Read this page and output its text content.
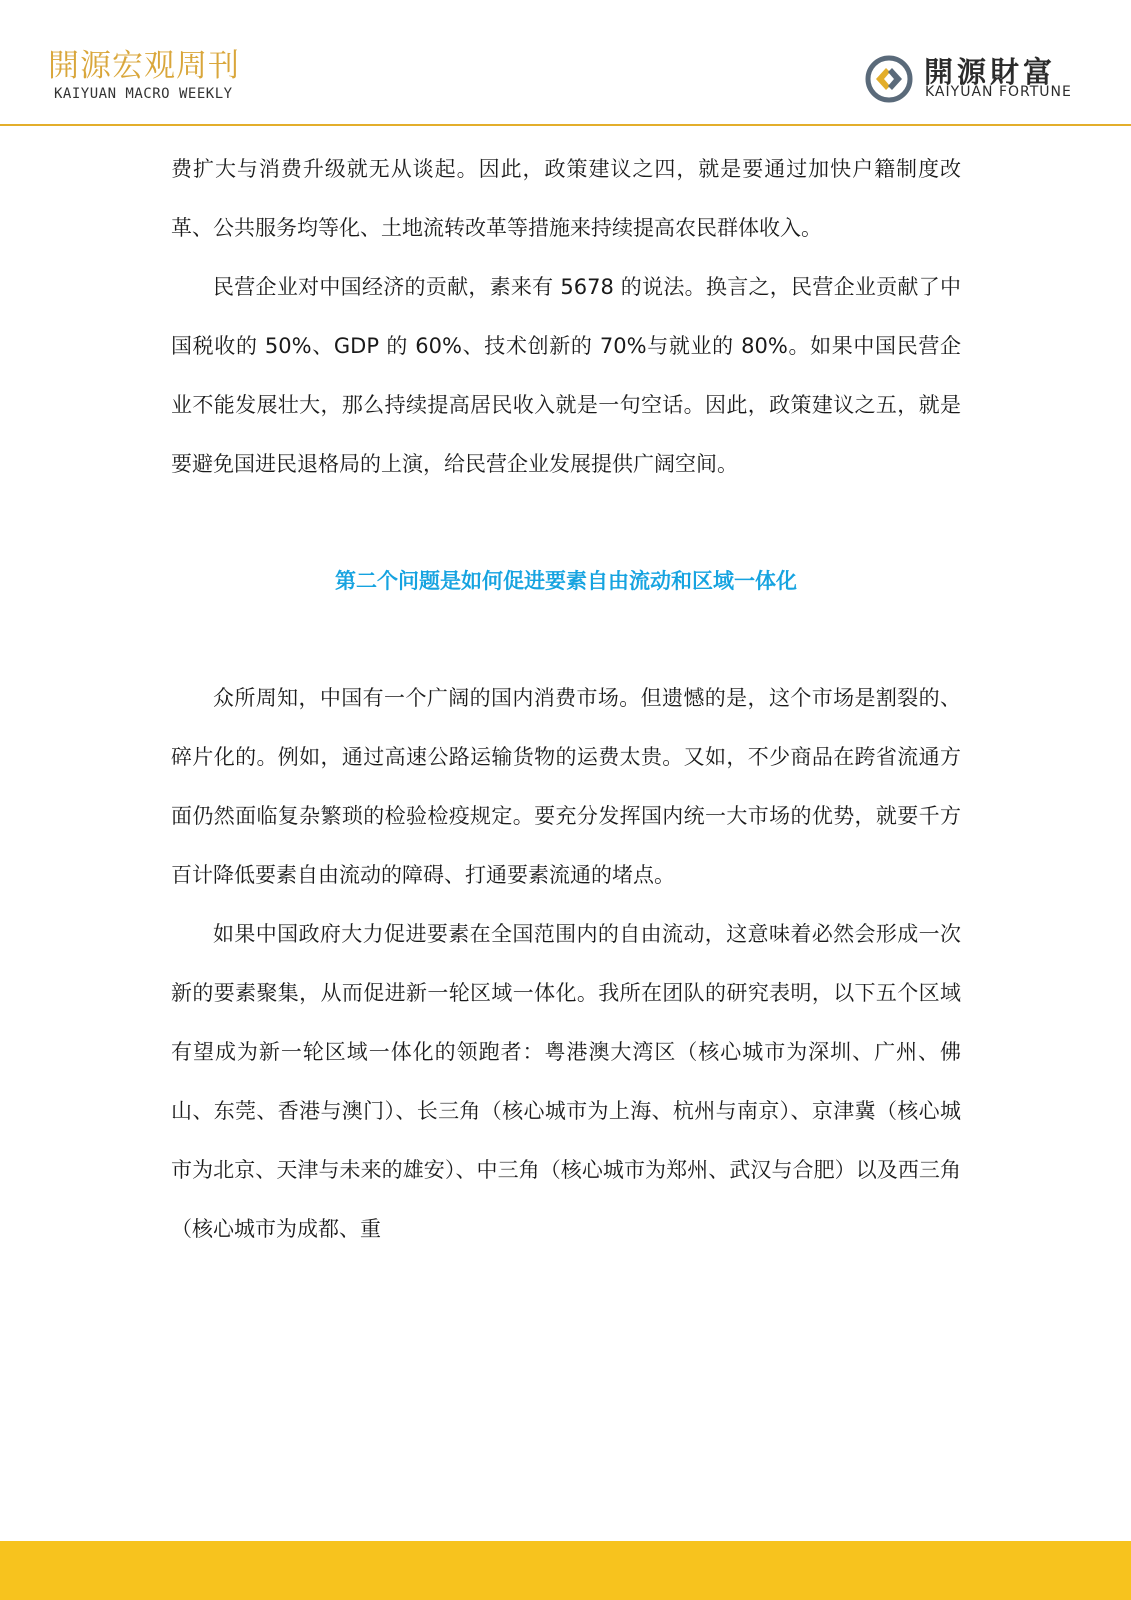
開源宏观周刊
KAIYUAN MACRO WEEKLY
開源財富
KAIYUAN FORTUNE

费扩大与消费升级就无从谈起。因此，政策建议之四，就是要通过加快户籍制度改革、公共服务均等化、土地流转改革等措施来持续提高农民群体收入。

民营企业对中国经济的贡献，素来有 5678 的说法。换言之，民营企业贡献了中国税收的 50%、GDP 的 60%、技术创新的 70%与就业的 80%。如果中国民营企业不能发展壮大，那么持续提高居民收入就是一句空话。因此，政策建议之五，就是要避免国进民退格局的上演，给民营企业发展提供广阔空间。

第二个问题是如何促进要素自由流动和区域一体化

众所周知，中国有一个广阔的国内消费市场。但遗憾的是，这个市场是割裂的、碎片化的。例如，通过高速公路运输货物的运费太贵。又如，不少商品在跨省流通方面仍然面临复杂繁琐的检验检疫规定。要充分发挥国内统一大市场的优势，就要千方百计降低要素自由流动的障碍、打通要素流通的堵点。

如果中国政府大力促进要素在全国范围内的自由流动，这意味着必然会形成一次新的要素聚集，从而促进新一轮区域一体化。我所在团队的研究表明，以下五个区域有望成为新一轮区域一体化的领跑者：粤港澳大湾区（核心城市为深圳、广州、佛山、东莞、香港与澳门）、长三角（核心城市为上海、杭州与南京）、京津冀（核心城市为北京、天津与未来的雄安）、中三角（核心城市为郑州、武汉与合肥）以及西三角（核心城市为成都、重
